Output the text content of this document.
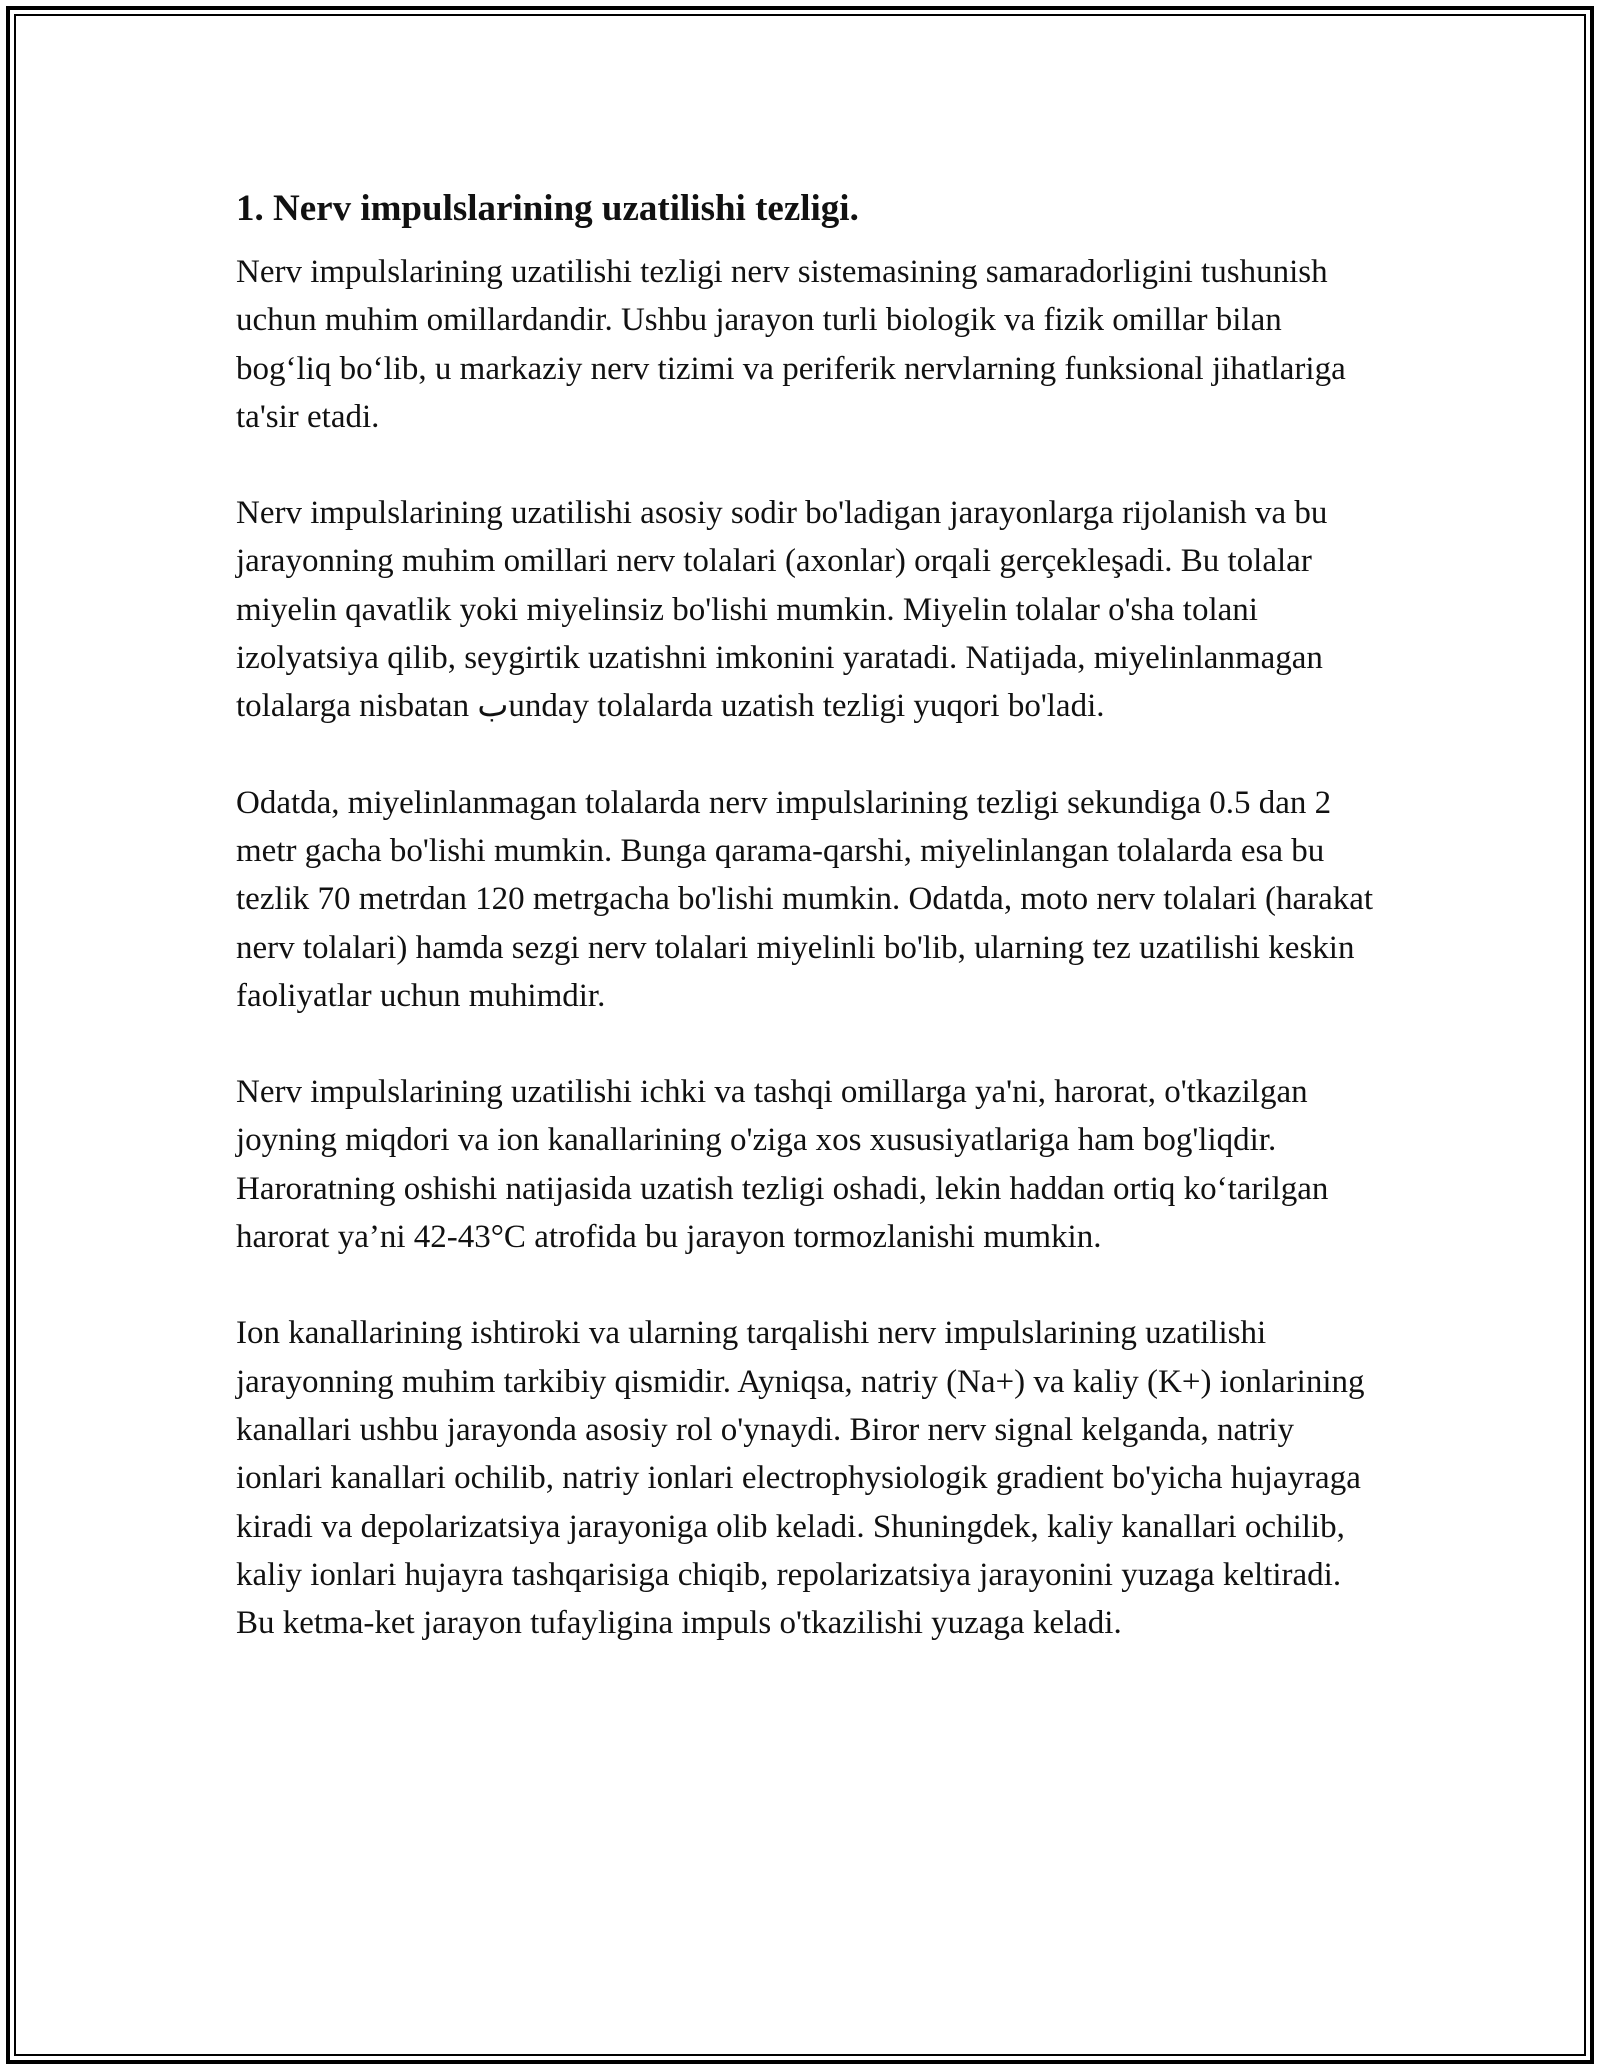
1. Nerv impulslarining uzatilishi tezligi.

Nerv impulslarining uzatilishi tezligi nerv sistemasining samaradorligini tushunish uchun muhim omillardandir. Ushbu jarayon turli biologik va fizik omillar bilan bogʻliq boʻlib, u markaziy nerv tizimi va periferik nervlarning funksional jihatlariga ta'sir etadi.

Nerv impulslarining uzatilishi asosiy sodir bo'ladigan jarayonlarga rijolanish va bu jarayonning muhim omillari nerv tolalari (axonlar) orqali gerçekleşadi. Bu tolalar miyelin qavatlik yoki miyelinsiz bo'lishi mumkin. Miyelin tolalar o'sha tolani izolyatsiya qilib, seygirtik uzatishni imkonini yaratadi. Natijada, miyelinlanmagan tolalarga nisbatan بunday tolalarda uzatish tezligi yuqori bo'ladi.

Odatda, miyelinlanmagan tolalarda nerv impulslarining tezligi sekundiga 0.5 dan 2 metr gacha bo'lishi mumkin. Bunga qarama-qarshi, miyelinlangan tolalarda esa bu tezlik 70 metrdan 120 metrgacha bo'lishi mumkin. Odatda, moto nerv tolalari (harakat nerv tolalari) hamda sezgi nerv tolalari miyelinli bo'lib, ularning tez uzatilishi keskin faoliyatlar uchun muhimdir.

Nerv impulslarining uzatilishi ichki va tashqi omillarga ya'ni, harorat, o'tkazilgan joyning miqdori va ion kanallarining o'ziga xos xususiyatlariga ham bog'liqdir. Haroratning oshishi natijasida uzatish tezligi oshadi, lekin haddan ortiq koʻtarilgan harorat ya’ni 42-43°C atrofida bu jarayon tormozlanishi mumkin.

Ion kanallarining ishtiroki va ularning tarqalishi nerv impulslarining uzatilishi jarayonning muhim tarkibiy qismidir. Ayniqsa, natriy (Na+) va kaliy (K+) ionlarining kanallari ushbu jarayonda asosiy rol o'ynaydi. Biror nerv signal kelganda, natriy ionlari kanallari ochilib, natriy ionlari electrophysiologik gradient bo'yicha hujayraga kiradi va depolarizatsiya jarayoniga olib keladi. Shuningdek, kaliy kanallari ochilib, kaliy ionlari hujayra tashqarisiga chiqib, repolarizatsiya jarayonini yuzaga keltiradi. Bu ketma-ket jarayon tufayligina impuls o'tkazilishi yuzaga keladi.
